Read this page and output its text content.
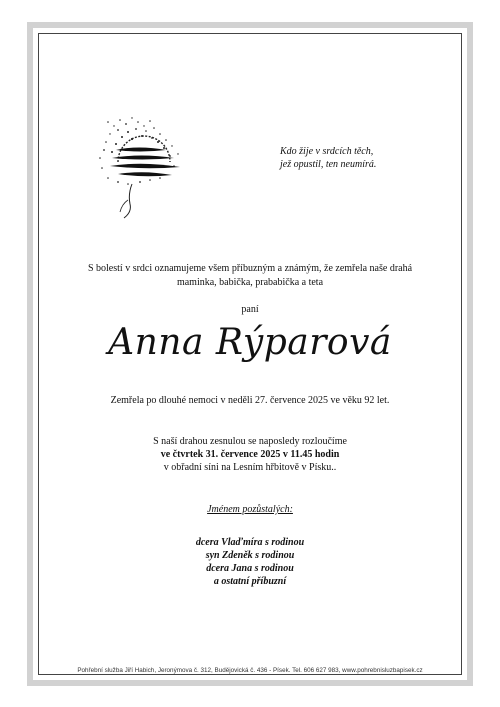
Kdo žije v srdcích těch,
jež opustil, ten neumírá.
S bolestí v srdci oznamujeme všem příbuzným a známým, že zemřela naše drahá
maminka, babička, prababička a teta
paní
Anna Rýparová
Zemřela po dlouhé nemoci v neděli 27. července 2025 ve věku 92 let.
S naší drahou zesnulou se naposledy rozloučíme
ve čtvrtek 31. července 2025 v 11.45 hodin
v obřadní síni na Lesním hřbitově v Písku..
Jménem pozůstalých:
dcera Vlaďmíra s rodinou
syn Zdeněk s rodinou
dcera Jana s rodinou
a ostatní příbuzní
Pohřební služba Jiří Habich, Jeronýmova č. 312, Budějovická č. 436 - Písek. Tel. 606 627 983, www.pohrebnisluzbapisek.cz
